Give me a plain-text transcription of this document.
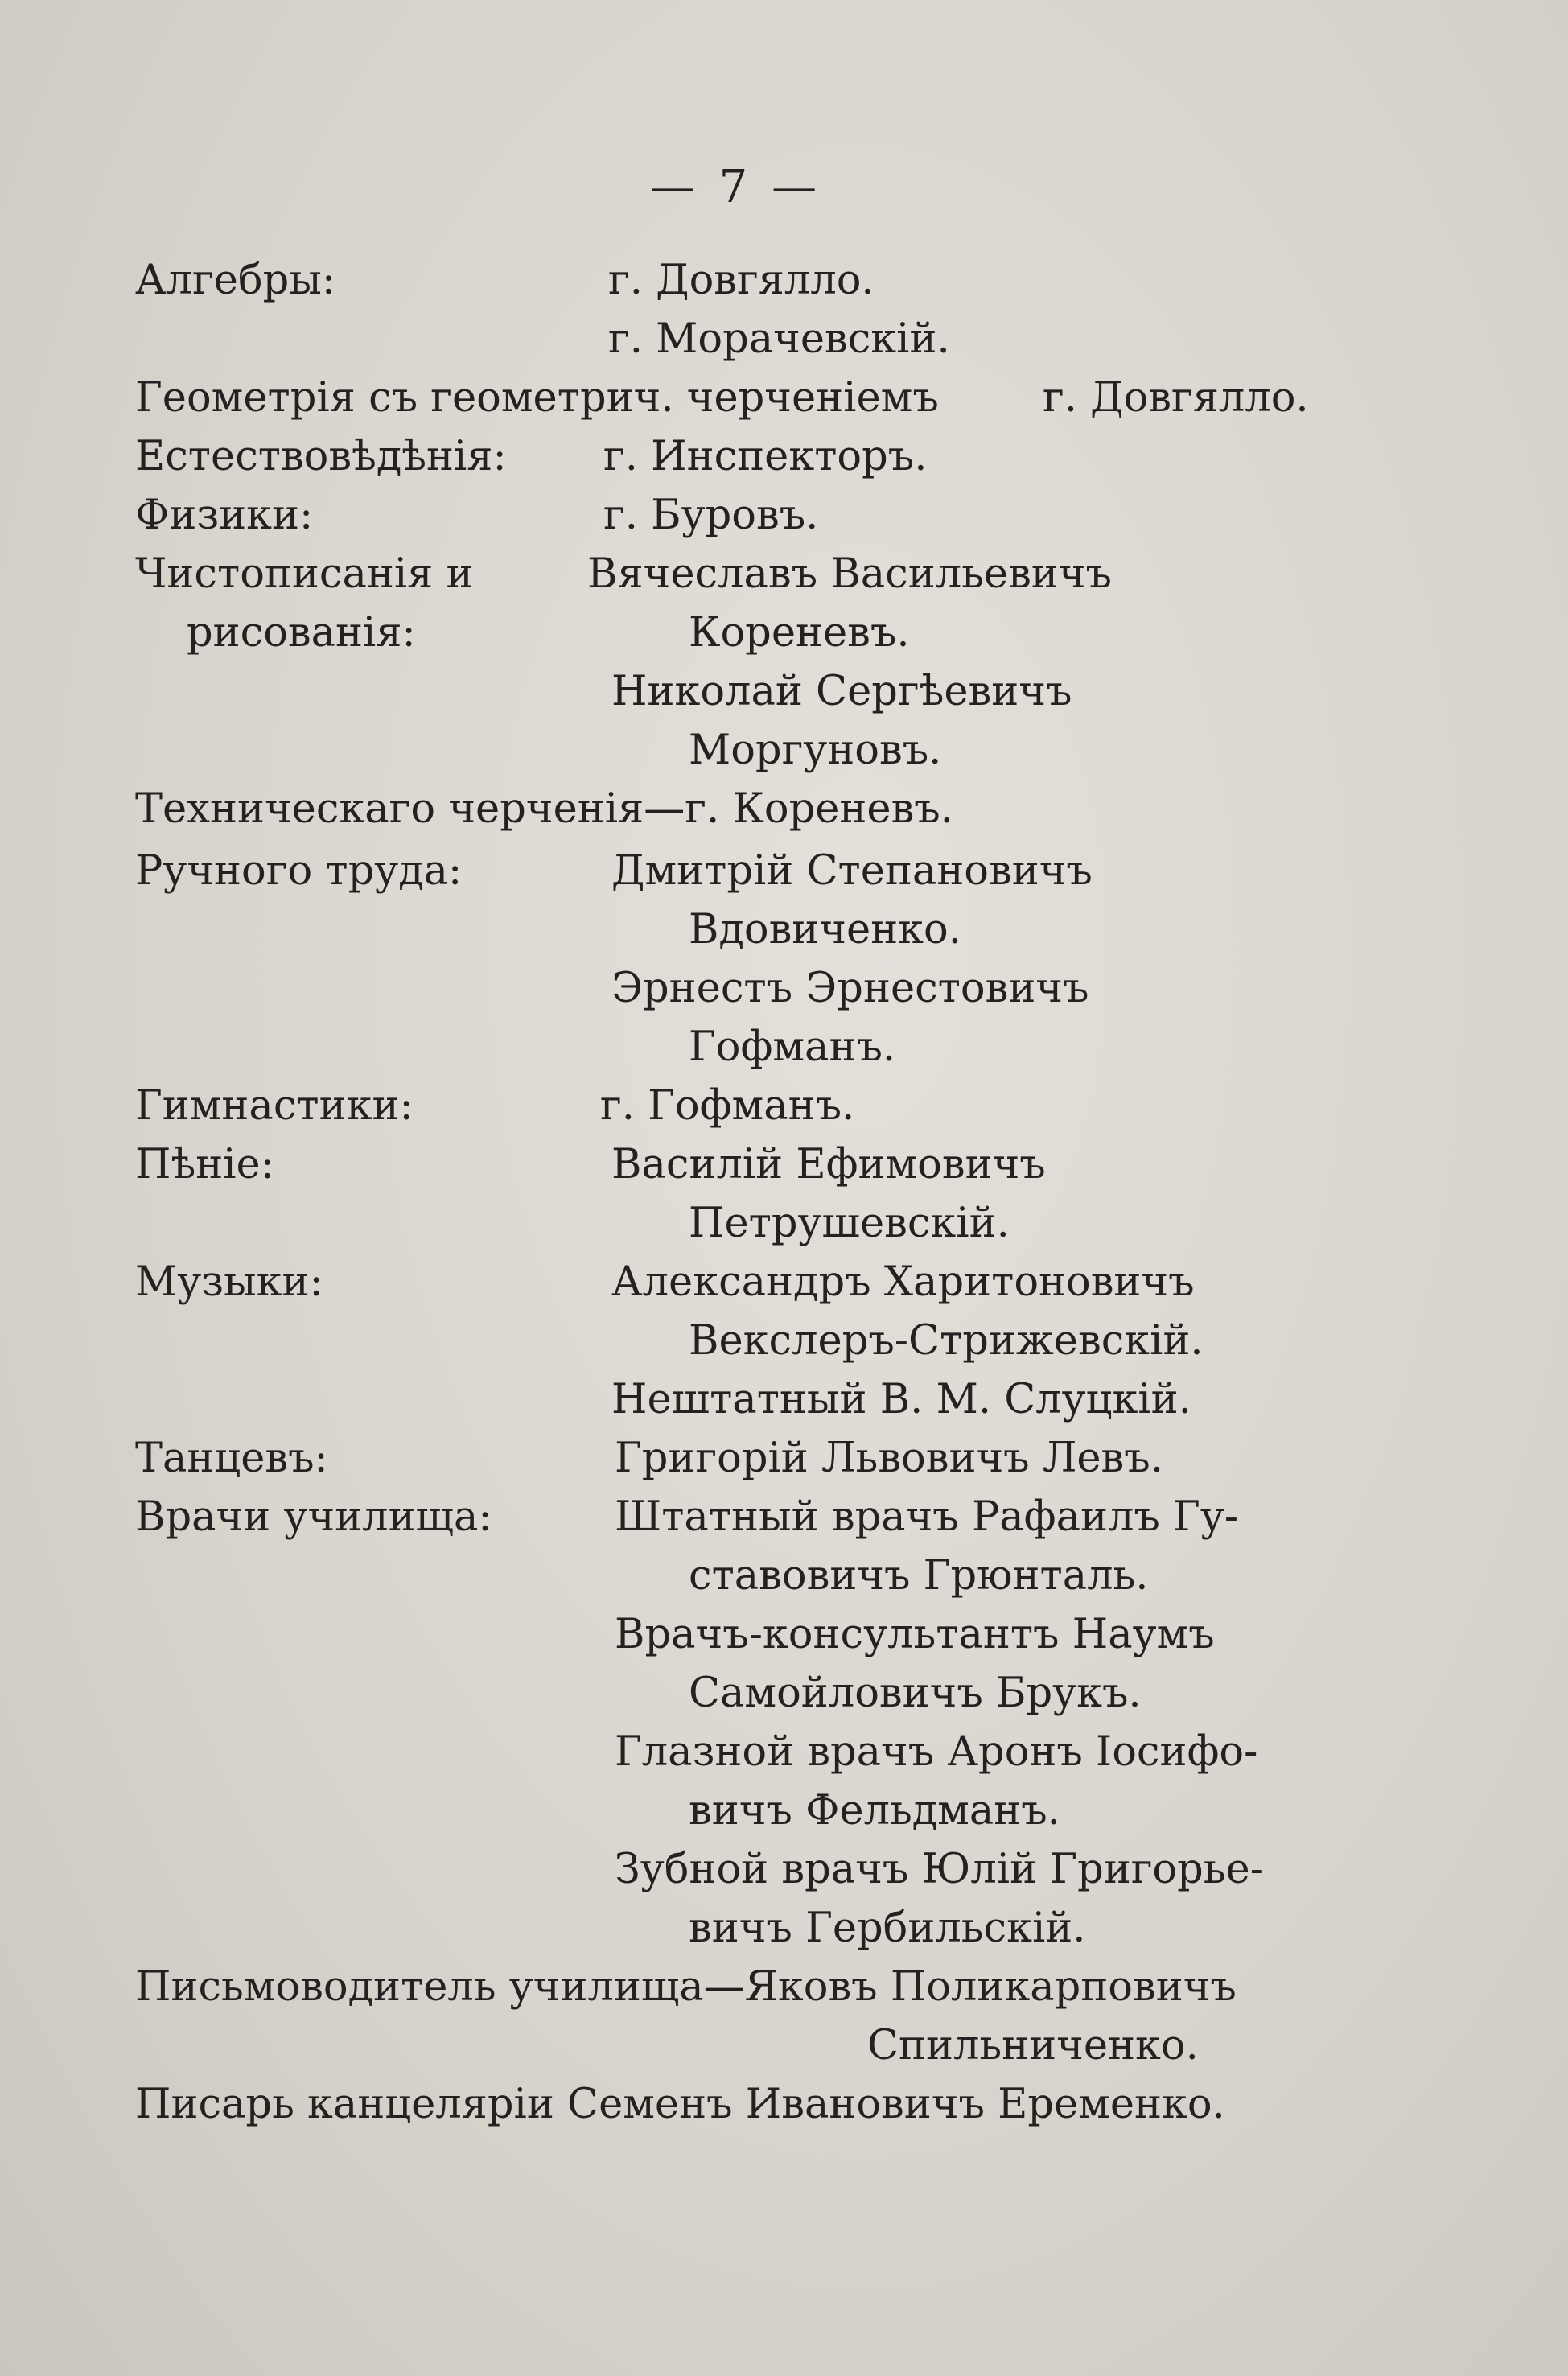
— 7 —
Алгебры:	г. Довгялло.
г. Морачевскій.
Геометрія съ геометрич. черченіемъ	г. Довгялло.
Естествовѣдѣнія: г. Инспекторъ.
Физики:	г. Буровъ.
Чистописанія и	Вячеславъ Васильевичъ
рисованія:	Кореневъ.
Николай Сергѣевичъ
Моргуновъ.
Техническаго черченія—г. Кореневъ.
Ручного труда:	Дмитрій Степановичъ
Вдовиченко.
Эрнестъ Эрнестовичъ
Гофманъ.
Гимнастики:	г. Гофманъ.
Пѣніе:	Василій Ефимовичъ
Петрушевскій.
Музыки:	Александръ Харитоновичъ
Векслеръ-Стрижевскій.
Нештатный В. М. Слуцкій.
Танцевъ:	Григорій Львовичъ Левъ.
Врачи училища:	Штатный врачъ Рафаилъ Гу-
ставовичъ Грюнталь.
Врачъ-консультантъ Наумъ
Самойловичъ Брукъ.
Глазной врачъ Аронъ Іосифо-
вичъ Фельдманъ.
Зубной врачъ Юлій Григорье-
вичъ Гербильскій.
Письмоводитель училища—Яковъ Поликарповичъ
Спильниченко.
Писарь канцеляріи Семенъ Ивановичъ Еременко.
